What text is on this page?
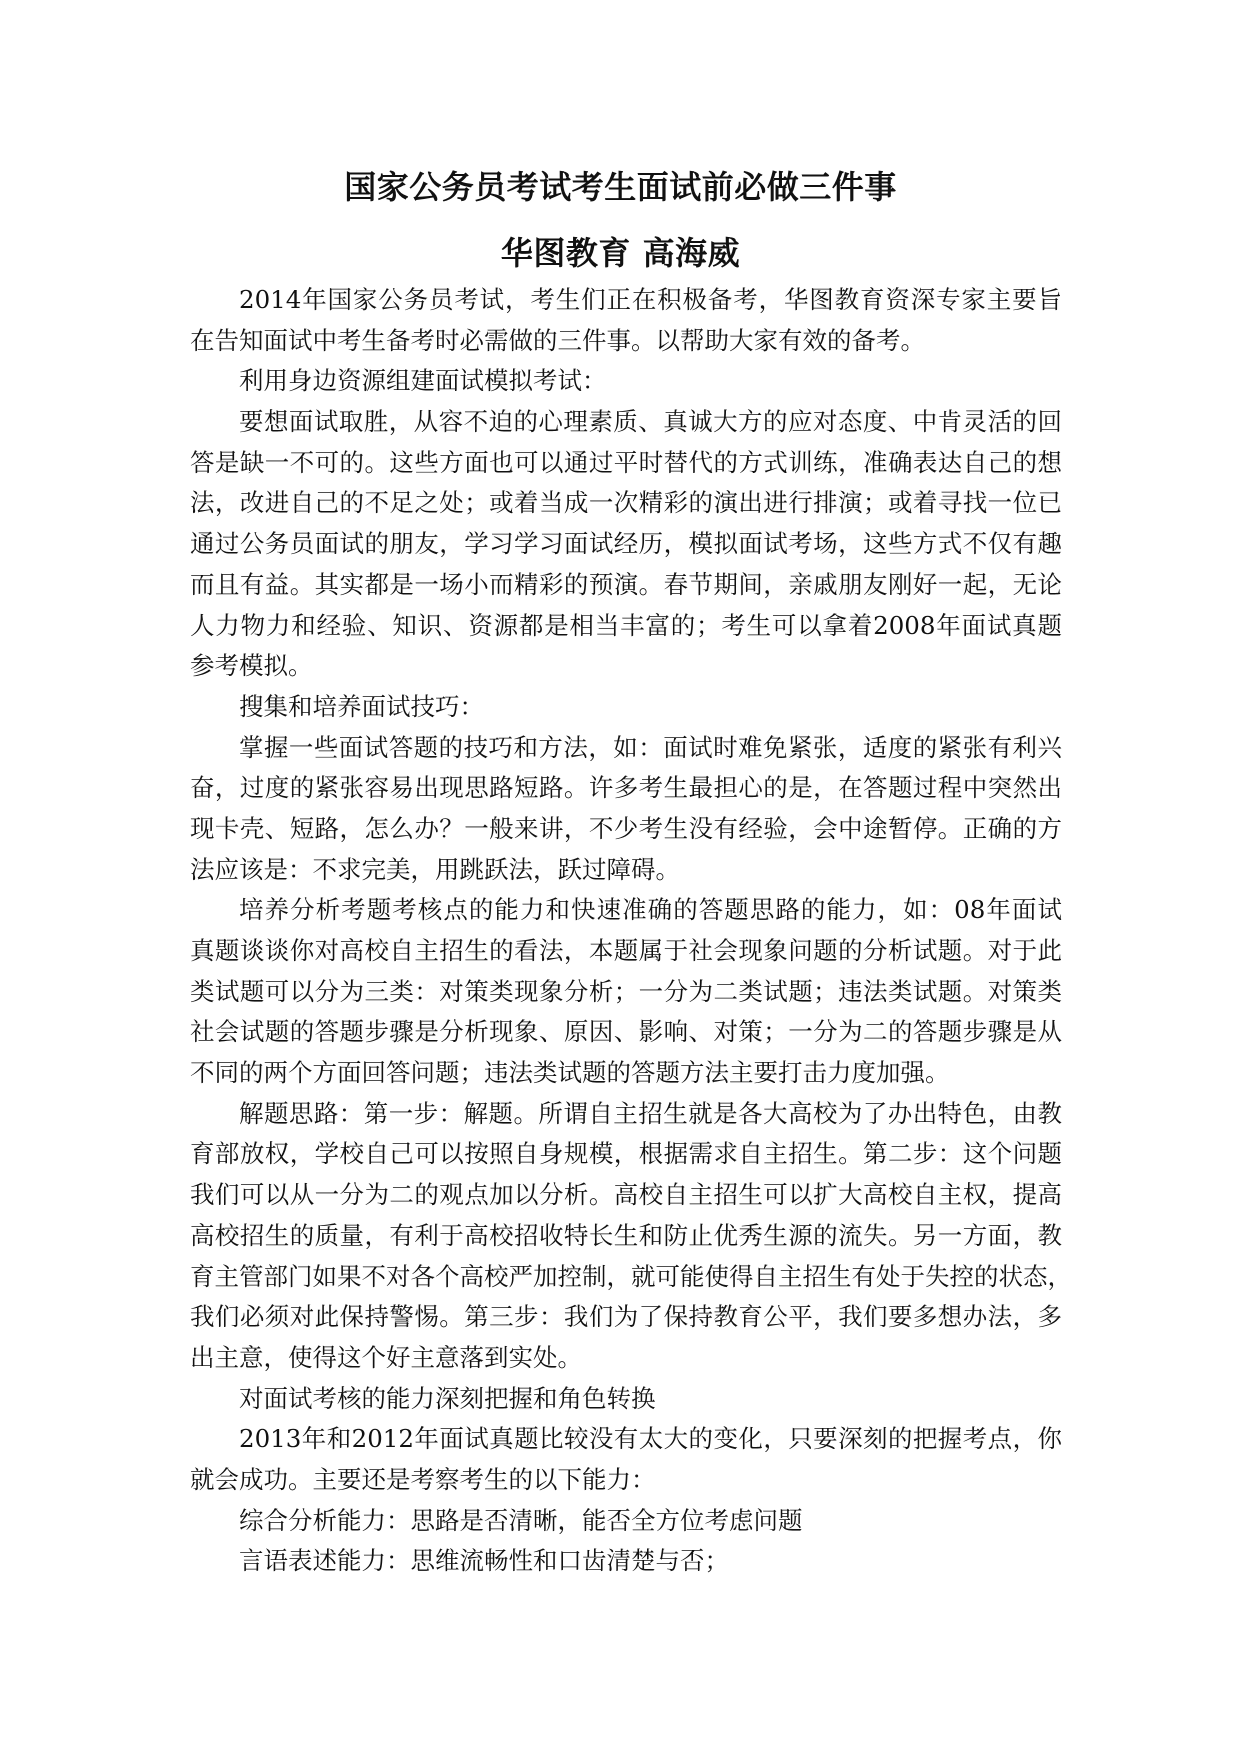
国家公务员考试考生面试前必做三件事
华图教育 高海威
2014年国家公务员考试，考生们正在积极备考，华图教育资深专家主要旨
在告知面试中考生备考时必需做的三件事。以帮助大家有效的备考。
利用身边资源组建面试模拟考试：
要想面试取胜，从容不迫的心理素质、真诚大方的应对态度、中肯灵活的回
答是缺一不可的。这些方面也可以通过平时替代的方式训练，准确表达自己的想
法，改进自己的不足之处；或着当成一次精彩的演出进行排演；或着寻找一位已
通过公务员面试的朋友，学习学习面试经历，模拟面试考场，这些方式不仅有趣
而且有益。其实都是一场小而精彩的预演。春节期间，亲戚朋友刚好一起，无论
人力物力和经验、知识、资源都是相当丰富的；考生可以拿着2008年面试真题
参考模拟。
搜集和培养面试技巧：
掌握一些面试答题的技巧和方法，如：面试时难免紧张，适度的紧张有利兴
奋，过度的紧张容易出现思路短路。许多考生最担心的是，在答题过程中突然出
现卡壳、短路，怎么办？一般来讲，不少考生没有经验，会中途暂停。正确的方
法应该是：不求完美，用跳跃法，跃过障碍。
培养分析考题考核点的能力和快速准确的答题思路的能力，如：08年面试
真题谈谈你对高校自主招生的看法，本题属于社会现象问题的分析试题。对于此
类试题可以分为三类：对策类现象分析；一分为二类试题；违法类试题。对策类
社会试题的答题步骤是分析现象、原因、影响、对策；一分为二的答题步骤是从
不同的两个方面回答问题；违法类试题的答题方法主要打击力度加强。
解题思路：第一步：解题。所谓自主招生就是各大高校为了办出特色，由教
育部放权，学校自己可以按照自身规模，根据需求自主招生。第二步：这个问题
我们可以从一分为二的观点加以分析。高校自主招生可以扩大高校自主权，提高
高校招生的质量，有利于高校招收特长生和防止优秀生源的流失。另一方面，教
育主管部门如果不对各个高校严加控制，就可能使得自主招生有处于失控的状态，
我们必须对此保持警惕。第三步：我们为了保持教育公平，我们要多想办法，多
出主意，使得这个好主意落到实处。
对面试考核的能力深刻把握和角色转换
2013年和2012年面试真题比较没有太大的变化，只要深刻的把握考点，你
就会成功。主要还是考察考生的以下能力：
综合分析能力：思路是否清晰，能否全方位考虑问题
言语表述能力：思维流畅性和口齿清楚与否；
